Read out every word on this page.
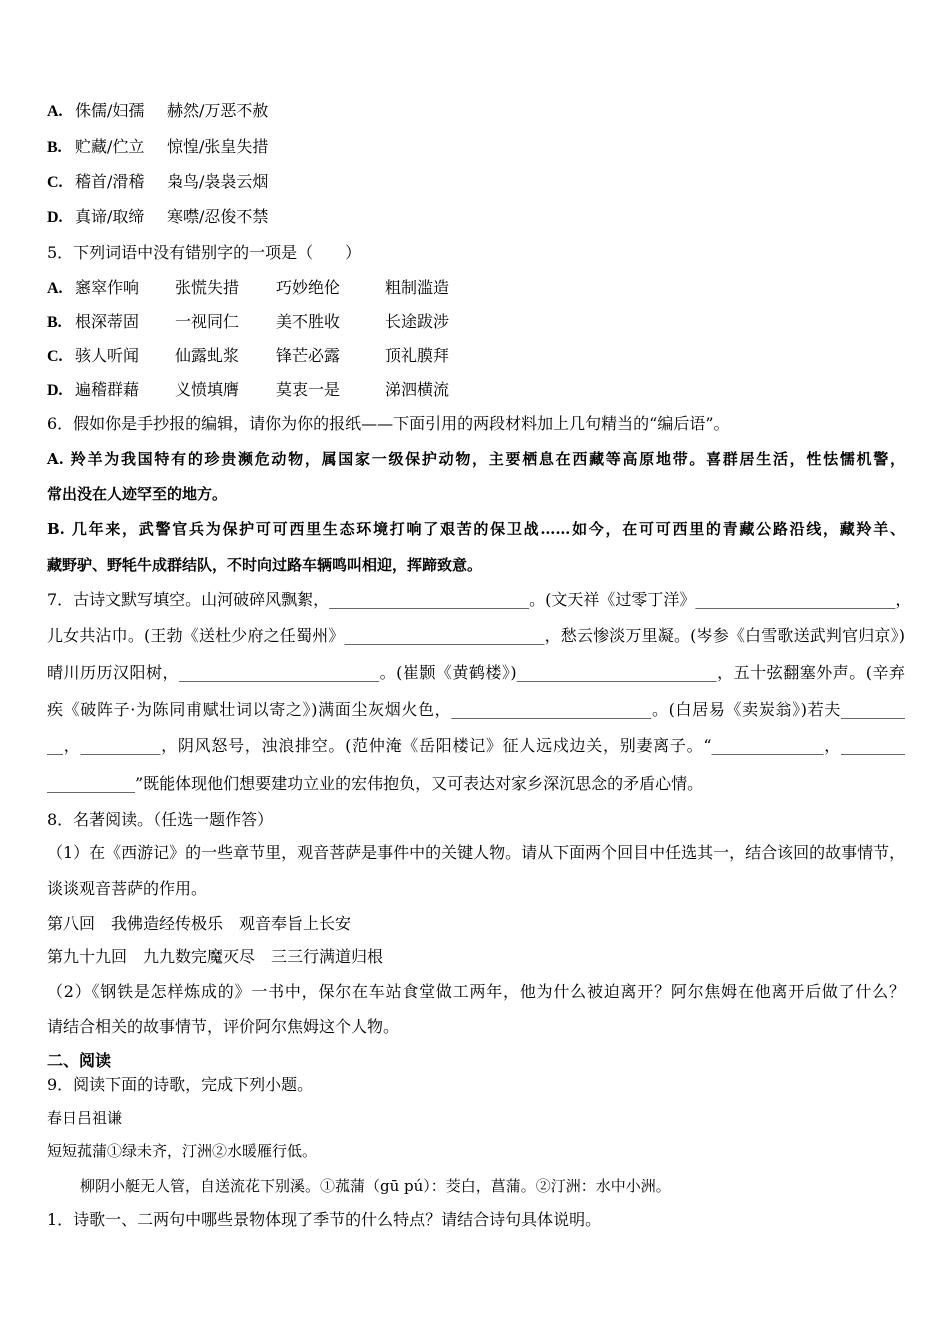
A. 侏儒/妇孺 赫然/万恶不赦
B. 贮藏/伫立 惊惶/张皇失措
C. 稽首/滑稽 枭鸟/袅袅云烟
D. 真谛/取缔 寒噤/忍俊不禁
5．下列词语中没有错别字的一项是（　　）
A. 窸窣作响 张慌失措 巧妙绝伦	粗制滥造
B. 根深蒂固 一视同仁 美不胜收	长途跋涉
C. 骇人听闻 仙露虬浆 锋芒必露	顶礼膜拜
D. 遍稽群藉 义愤填膺 莫衷一是	涕泗横流
6．假如你是手抄报的编辑，请你为你的报纸——下面引用的两段材料加上几句精当的“编后语”。
A. 羚羊为我国特有的珍贵濒危动物，属国家一级保护动物，主要栖息在西藏等高原地带。喜群居生活，性怯懦机警，
常出没在人迹罕至的地方。
B. 几年来，武警官兵为保护可可西里生态环境打响了艰苦的保卫战……如今，在可可西里的青藏公路沿线，藏羚羊、
藏野驴、野牦牛成群结队，不时向过路车辆鸣叫相迎，挥蹄致意。
7．古诗文默写填空。山河破碎风飘絮，_________________________。(文天祥《过零丁洋》_________________________，
儿女共沾巾。(王勃《送杜少府之任蜀州》_________________________，愁云惨淡万里凝。(岑参《白雪歌送武判官归京》)
晴川历历汉阳树，_________________________。(崔颢《黄鹤楼》)_________________________，五十弦翻塞外声。(辛弃
疾《破阵子·为陈同甫赋壮词以寄之》)满面尘灰烟火色，_________________________。(白居易《卖炭翁》)若夫________
__，__________，阴风怒号，浊浪排空。(范仲淹《岳阳楼记》征人远戍边关，别妻离子。“______________，________
___________”既能体现他们想要建功立业的宏伟抱负，又可表达对家乡深沉思念的矛盾心情。
8．名著阅读。（任选一题作答）
（1）在《西游记》的一些章节里，观音菩萨是事件中的关键人物。请从下面两个回目中任选其一，结合该回的故事情节，
谈谈观音菩萨的作用。
第八回　我佛造经传极乐　观音奉旨上长安
第九十九回　九九数完魔灭尽　三三行满道归根
（2）《钢铁是怎样炼成的》一书中，保尔在车站食堂做工两年，他为什么被迫离开？阿尔焦姆在他离开后做了什么？
请结合相关的故事情节，评价阿尔焦姆这个人物。
二、阅读
9．阅读下面的诗歌，完成下列小题。
春日吕祖谦
短短菰蒲①绿未齐，汀洲②水暖雁行低。
柳阴小艇无人管，自送流花下别溪。①菰蒲（gū pú）：茭白，菖蒲。②汀洲：水中小洲。
1．诗歌一、二两句中哪些景物体现了季节的什么特点？请结合诗句具体说明。
